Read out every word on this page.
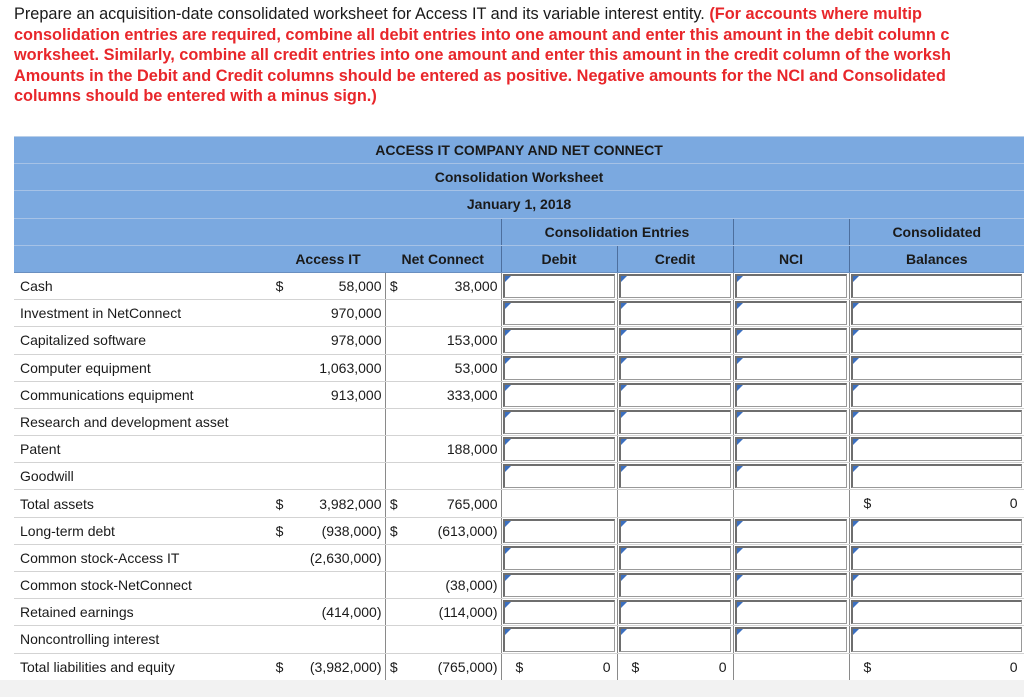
Prepare an acquisition-date consolidated worksheet for Access IT and its variable interest entity. (For accounts where multip
consolidation entries are required, combine all debit entries into one amount and enter this amount in the debit column c
worksheet. Similarly, combine all credit entries into one amount and enter this amount in the credit column of the worksh
Amounts in the Debit and Credit columns should be entered as positive. Negative amounts for the NCI and Consolidated
columns should be entered with a minus sign.)
ACCESS IT COMPANY AND NET CONNECT								
Consolidation Worksheet								
January 1, 2018								
					Consolidation Entries			Consolidated
	Access IT		Net Connect		Debit	Credit	NCI	Balances
Cash	$	58,000	$	38,000	

Investment in NetConnect		970,000			

Capitalized software		978,000		153,000	

Computer equipment		1,063,000		53,000	

Communications equipment		913,000		333,000	

Research and development asset					

Patent				188,000	

Goodwill					

Total assets	$	3,982,000	$	765,000				$ 0

Long-term debt	$	(938,000)	$	(613,000)	

Common stock-Access IT		(2,630,000)			

Common stock-NetConnect				(38,000)	

Retained earnings		(414,000)		(114,000)	

Noncontrolling interest					

Total liabilities and equity	$	(3,982,000)	$	(765,000)	$ 0	$ 0		$ 0
